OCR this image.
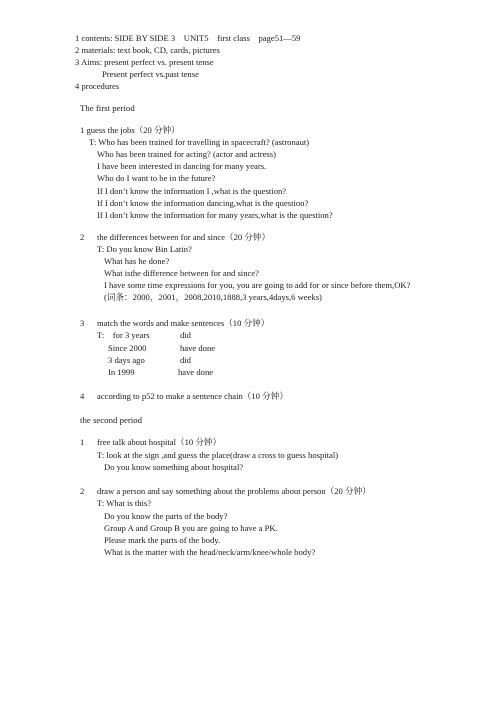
1 contents: SIDE BY SIDE 3    UNIT5    first class    page51—59
2 materials: text book, CD, cards, pictures
3 Aims: present perfect vs. present tense
Present perfect vs.past tense
4 procedures
The first period
1 guess the jobs（20 分钟）
T: Who has been trained for travelling in spacecraft? (astronaut)
Who has been trained for acting? (actor and actress)
I have been interested in dancing for many years.
Who do I want to be in the future?
If I don’t know the information I ,what is the question?
If I don’t know the information dancing,what is the question?
If I don’t know the information for many years,what is the question?
2 the differences between for and since（20 分钟）
T: Do you know Bin Latin?
What has he done?
What isthe difference between for and since?
I have some time expressions for you, you are going to add for or since before them,OK?
(词条：2000，2001，2008,2010,1888,3 years,4days,6 weeks)
3 match the words and make sentences（10 分钟）
T:    for 3 years	did
Since 2000	have done
3 days ago	did
In 1999	have done
4 according to p52 to make a sentence chain（10 分钟）
the second period
1 free talk about hospital（10 分钟）
T: look at the sign ,and guess the place(draw a cross to guess hospital)
Do you know something about hospital?
2 draw a person and say something about the problems about person（20 分钟）
T: What is this?
Do you know the parts of the body?
Group A and Group B you are going to have a PK.
Please mark the parts of the body.
What is the matter with the head/neck/arm/knee/whole body?
